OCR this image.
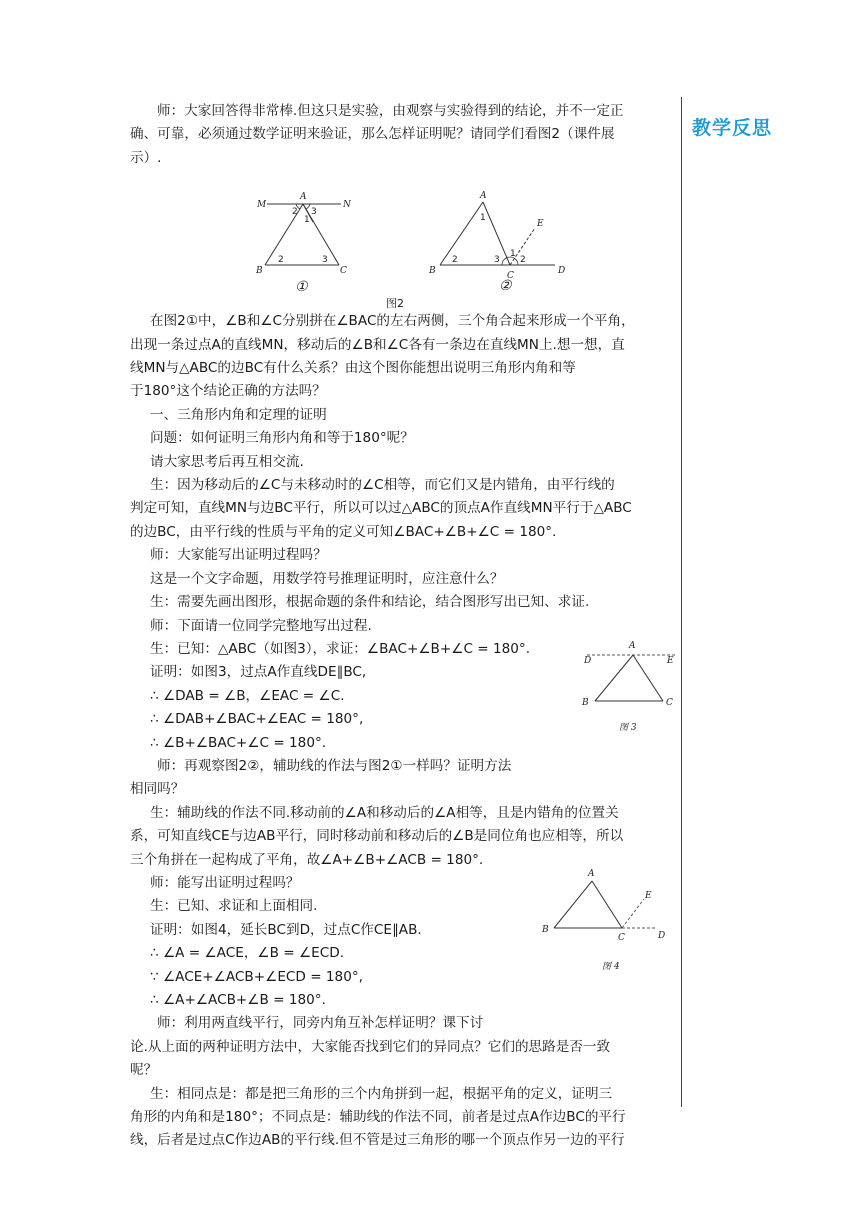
教学反思

师：大家回答得非常棒.但这只是实验，由观察与实验得到的结论，并不一定正

确、可靠，必须通过数学证明来验证，那么怎样证明呢？请同学们看图2（课件展

示）.

M	N
A
B	C
2 3
1
2	3
①
A
B	C	D
E
1
2	3
1
2
②
图2

在图2①中，∠B和∠C分别拼在∠BAC的左右两侧，三个角合起来形成一个平角，

出现一条过点A的直线MN，移动后的∠B和∠C各有一条边在直线MN上.想一想，直

线MN与△ABC的边BC有什么关系？由这个图你能想出说明三角形内角和等

于180°这个结论正确的方法吗？

一、三角形内角和定理的证明

问题：如何证明三角形内角和等于180°呢？

请大家思考后再互相交流.

生：因为移动后的∠C与未移动时的∠C相等，而它们又是内错角，由平行线的

判定可知，直线MN与边BC平行，所以可以过△ABC的顶点A作直线MN平行于△ABC

的边BC，由平行线的性质与平角的定义可知∠BAC+∠B+∠C = 180°.

师：大家能写出证明过程吗？

这是一个文字命题，用数学符号推理证明时，应注意什么？

生：需要先画出图形，根据命题的条件和结论，结合图形写出已知、求证.

师：下面请一位同学完整地写出过程.

生：已知：△ABC（如图3），求证：∠BAC+∠B+∠C = 180°.

证明：如图3，过点A作直线DE∥BC,

∴ ∠DAB = ∠B，∠EAC = ∠C.

∴ ∠DAB+∠BAC+∠EAC = 180°,

∴ ∠B+∠BAC+∠C = 180°.

师：再观察图2②，辅助线的作法与图2①一样吗？证明方法

相同吗？

生：辅助线的作法不同.移动前的∠A和移动后的∠A相等，且是内错角的位置关

系，可知直线CE与边AB平行，同时移动前和移动后的∠B是同位角也应相等，所以

三个角拼在一起构成了平角，故∠A+∠B+∠ACB = 180°.

师：能写出证明过程吗？

生：已知、求证和上面相同.

证明：如图4，延长BC到D，过点C作CE∥AB.

∴ ∠A = ∠ACE，∠B = ∠ECD.

∵ ∠ACE+∠ACB+∠ECD = 180°,

∴ ∠A+∠ACB+∠B = 180°.

师：利用两直线平行，同旁内角互补怎样证明？课下讨

论.从上面的两种证明方法中，大家能否找到它们的异同点？它们的思路是否一致

呢？

生：相同点是：都是把三角形的三个内角拼到一起，根据平角的定义，证明三

角形的内角和是180°；不同点是：辅助线的作法不同，前者是过点A作边BC的平行

线，后者是过点C作边AB的平行线.但不管是过三角形的哪一个顶点作另一边的平行

A
D	E
B	C
图 3
A
B
C	D
E
图 4
